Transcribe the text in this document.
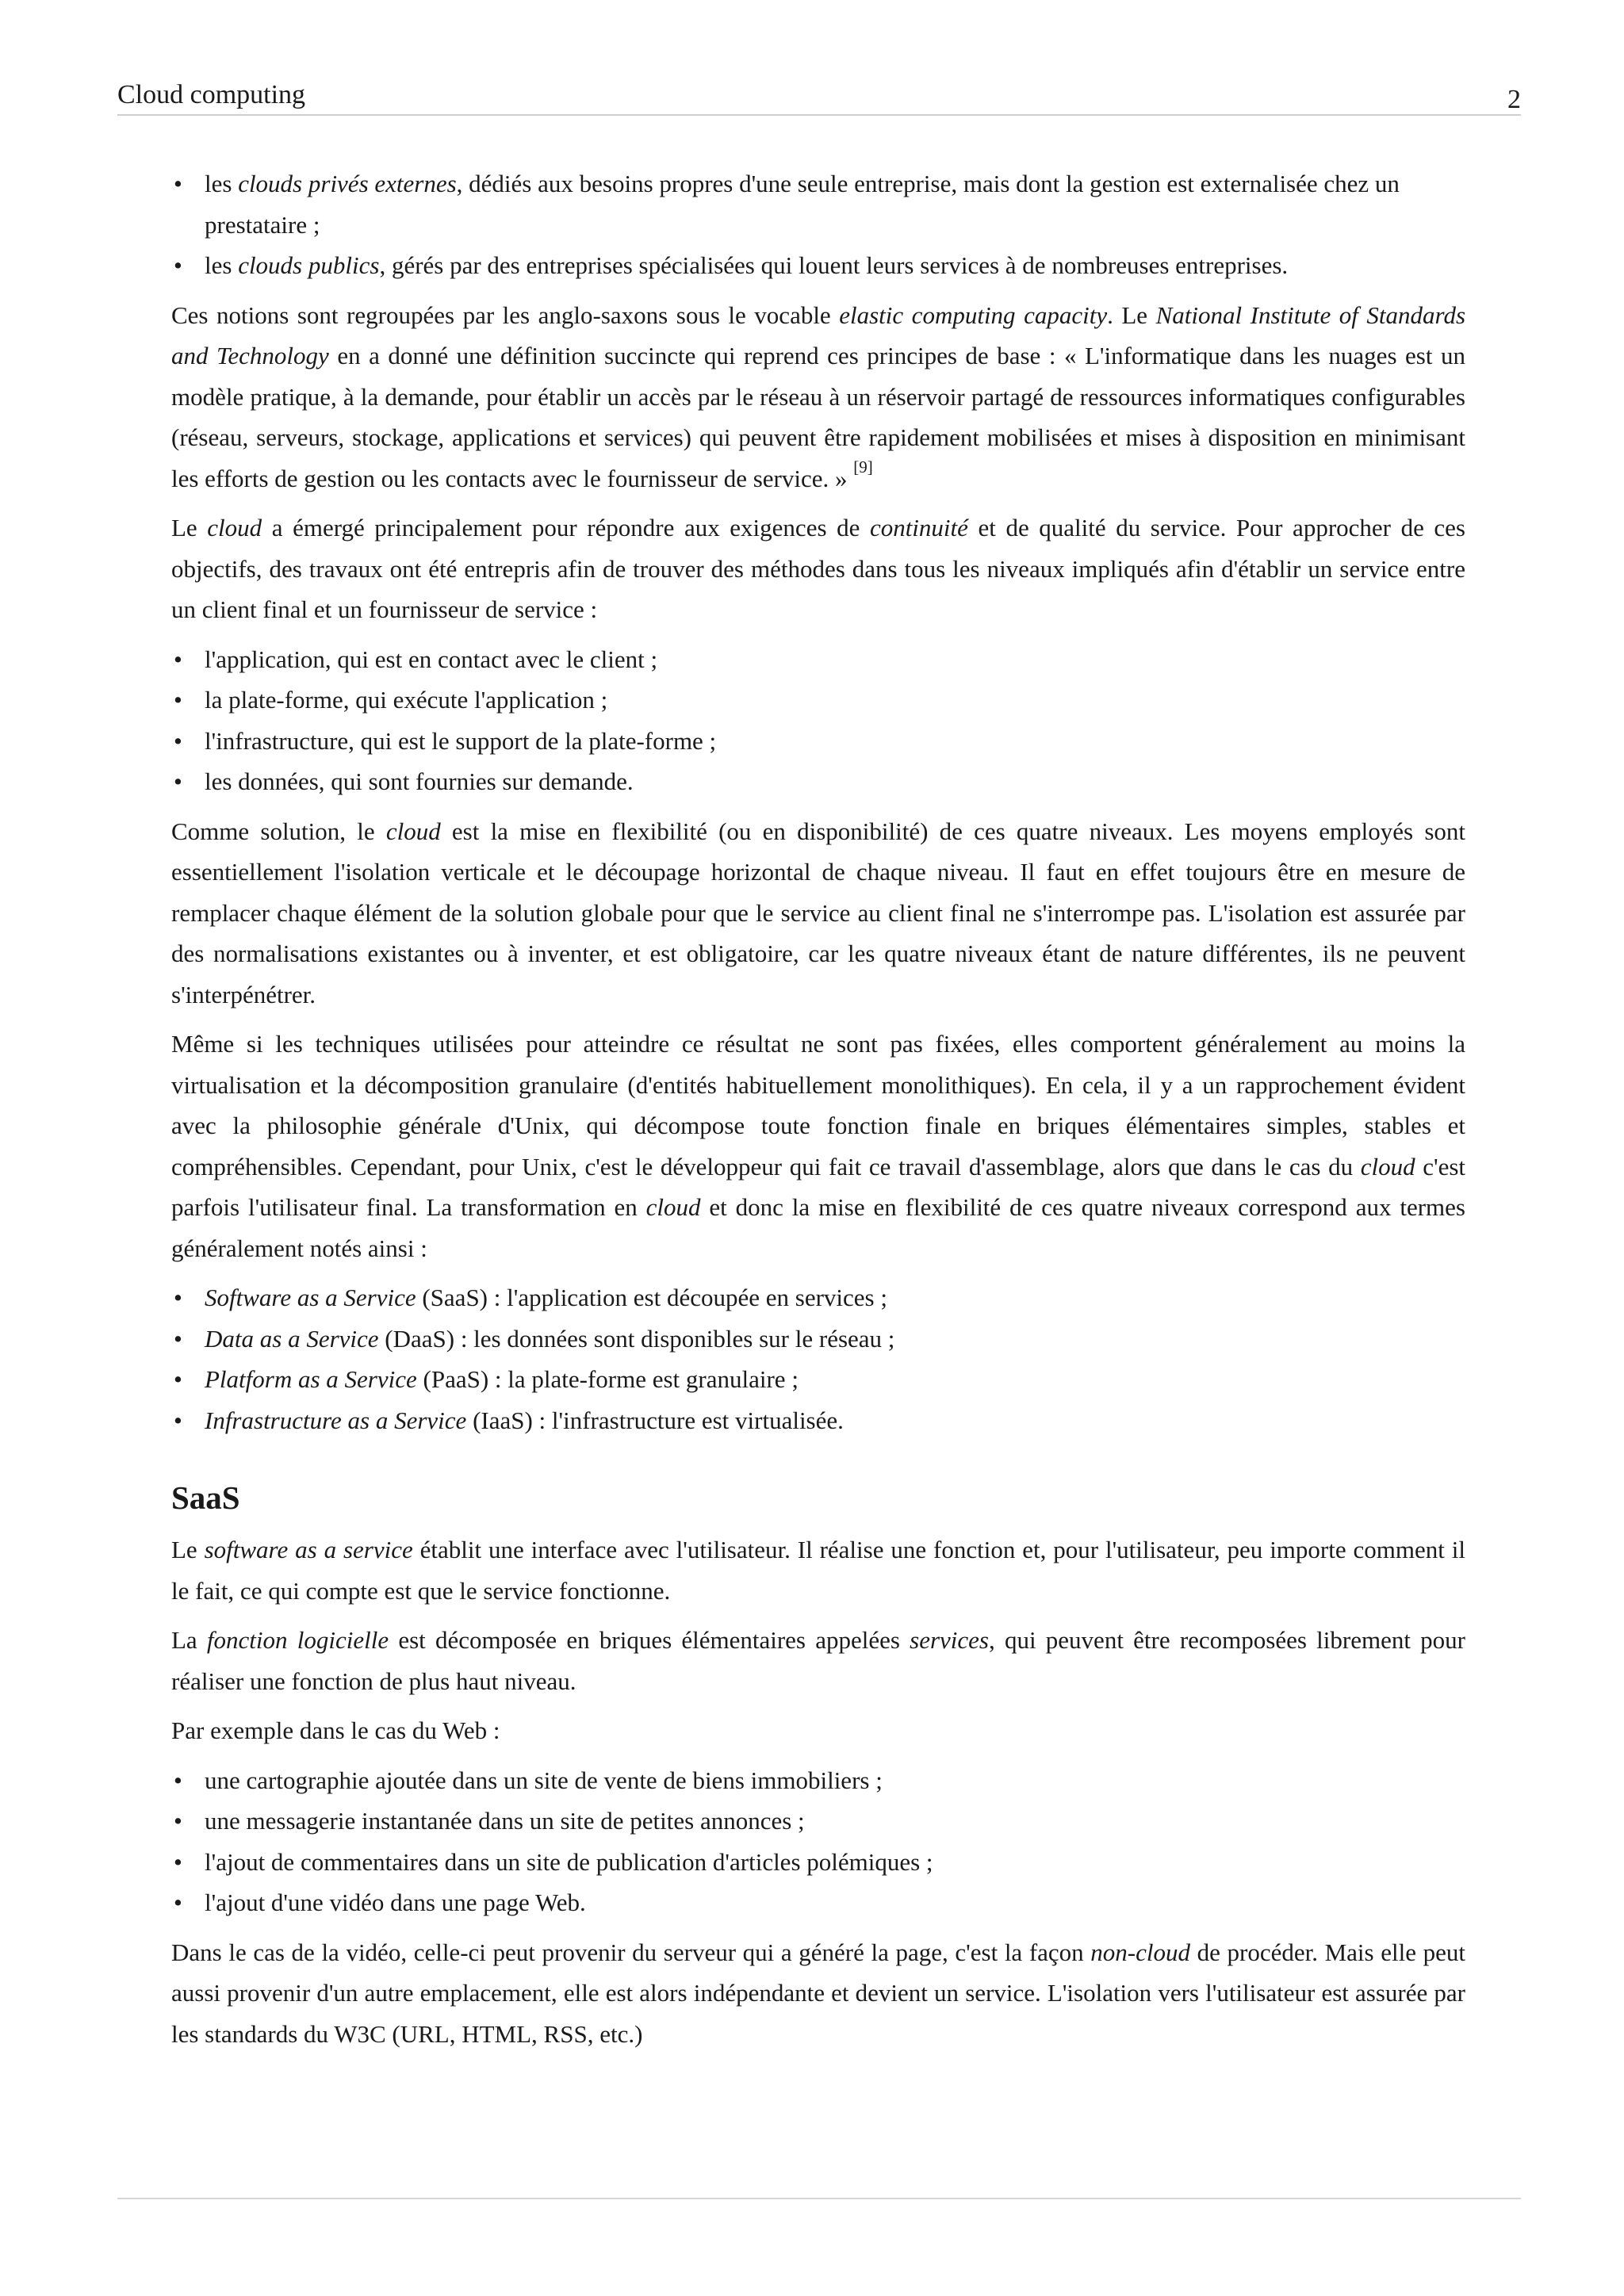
Cloud computing	2
• les clouds privés externes, dédiés aux besoins propres d'une seule entreprise, mais dont la gestion est externalisée chez un prestataire ;
• les clouds publics, gérés par des entreprises spécialisées qui louent leurs services à de nombreuses entreprises.

Ces notions sont regroupées par les anglo-saxons sous le vocable elastic computing capacity. Le National Institute of Standards and Technology en a donné une définition succincte qui reprend ces principes de base : « L'informatique dans les nuages est un modèle pratique, à la demande, pour établir un accès par le réseau à un réservoir partagé de ressources informatiques configurables (réseau, serveurs, stockage, applications et services) qui peuvent être rapidement mobilisées et mises à disposition en minimisant les efforts de gestion ou les contacts avec le fournisseur de service. » [9]

Le cloud a émergé principalement pour répondre aux exigences de continuité et de qualité du service. Pour approcher de ces objectifs, des travaux ont été entrepris afin de trouver des méthodes dans tous les niveaux impliqués afin d'établir un service entre un client final et un fournisseur de service :

• l'application, qui est en contact avec le client ;
• la plate-forme, qui exécute l'application ;
• l'infrastructure, qui est le support de la plate-forme ;
• les données, qui sont fournies sur demande.

Comme solution, le cloud est la mise en flexibilité (ou en disponibilité) de ces quatre niveaux. Les moyens employés sont essentiellement l'isolation verticale et le découpage horizontal de chaque niveau. Il faut en effet toujours être en mesure de remplacer chaque élément de la solution globale pour que le service au client final ne s'interrompe pas. L'isolation est assurée par des normalisations existantes ou à inventer, et est obligatoire, car les quatre niveaux étant de nature différentes, ils ne peuvent s'interpénétrer.

Même si les techniques utilisées pour atteindre ce résultat ne sont pas fixées, elles comportent généralement au moins la virtualisation et la décomposition granulaire (d'entités habituellement monolithiques). En cela, il y a un rapprochement évident avec la philosophie générale d'Unix, qui décompose toute fonction finale en briques élémentaires simples, stables et compréhensibles. Cependant, pour Unix, c'est le développeur qui fait ce travail d'assemblage, alors que dans le cas du cloud c'est parfois l'utilisateur final. La transformation en cloud et donc la mise en flexibilité de ces quatre niveaux correspond aux termes généralement notés ainsi :

• Software as a Service (SaaS) : l'application est découpée en services ;
• Data as a Service (DaaS) : les données sont disponibles sur le réseau ;
• Platform as a Service (PaaS) : la plate-forme est granulaire ;
• Infrastructure as a Service (IaaS) : l'infrastructure est virtualisée.
SaaS

Le software as a service établit une interface avec l'utilisateur. Il réalise une fonction et, pour l'utilisateur, peu importe comment il le fait, ce qui compte est que le service fonctionne.

La fonction logicielle est décomposée en briques élémentaires appelées services, qui peuvent être recomposées librement pour réaliser une fonction de plus haut niveau.

Par exemple dans le cas du Web :

• une cartographie ajoutée dans un site de vente de biens immobiliers ;
• une messagerie instantanée dans un site de petites annonces ;
• l'ajout de commentaires dans un site de publication d'articles polémiques ;
• l'ajout d'une vidéo dans une page Web.

Dans le cas de la vidéo, celle-ci peut provenir du serveur qui a généré la page, c'est la façon non-cloud de procéder. Mais elle peut aussi provenir d'un autre emplacement, elle est alors indépendante et devient un service. L'isolation vers l'utilisateur est assurée par les standards du W3C (URL, HTML, RSS, etc.)
